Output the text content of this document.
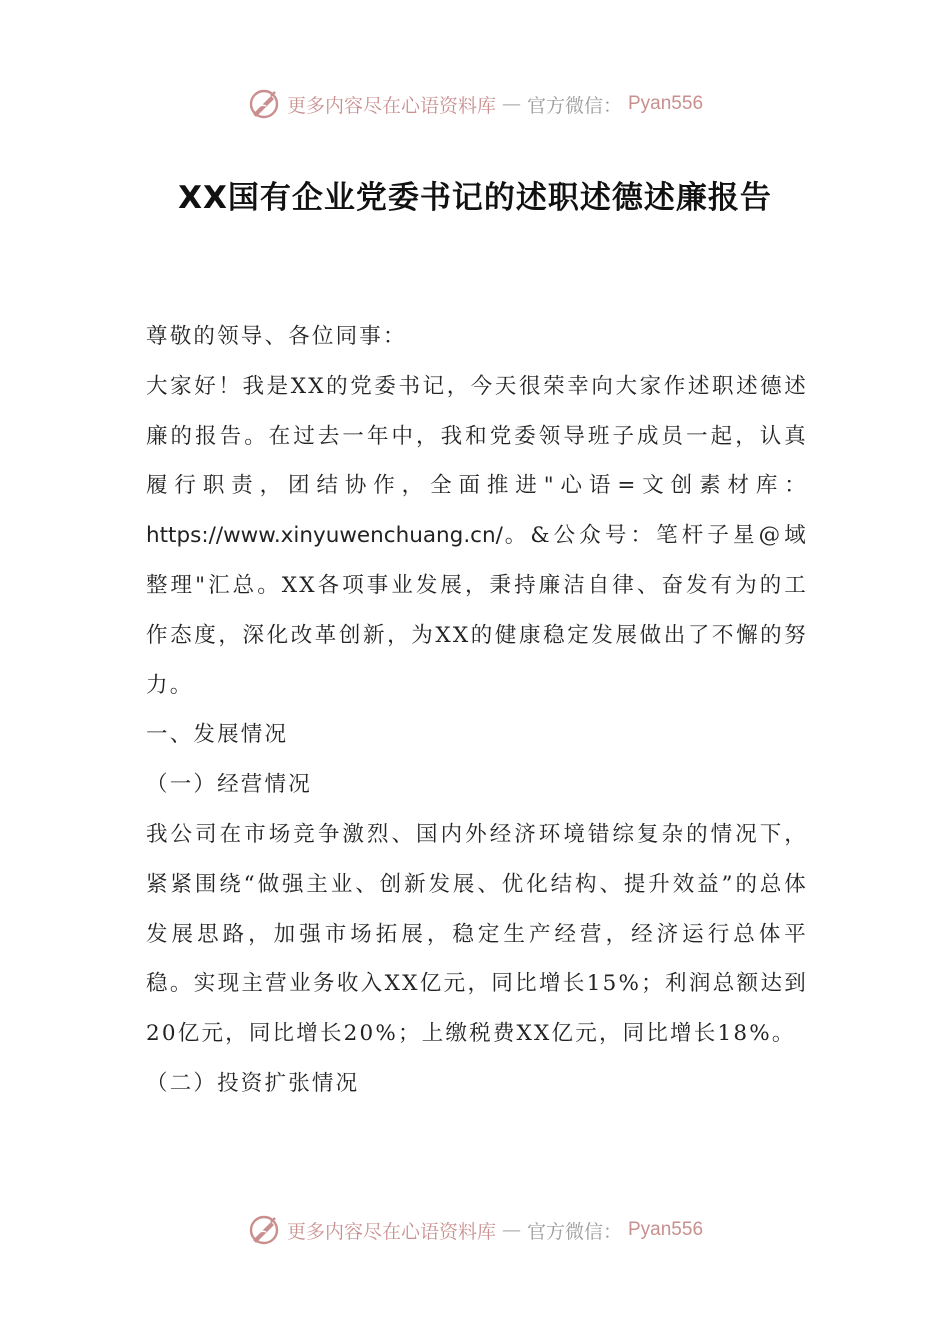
更多内容尽在心语资料库 — 官方微信： Pyan556
XX国有企业党委书记的述职述德述廉报告

尊敬的领导、各位同事：

大家好！我是XX的党委书记，今天很荣幸向大家作述职述德述廉的报告。在过去一年中，我和党委领导班子成员一起，认真履行职责，团结协作，全面推进"心语=文创素材库：https://www.xinyuwenchuang.cn/。&公众号：笔杆子星@域整理"汇总。XX各项事业发展，秉持廉洁自律、奋发有为的工作态度，深化改革创新，为XX的健康稳定发展做出了不懈的努力。

一、发展情况

（一）经营情况

我公司在市场竞争激烈、国内外经济环境错综复杂的情况下，紧紧围绕“做强主业、创新发展、优化结构、提升效益”的总体发展思路，加强市场拓展，稳定生产经营，经济运行总体平稳。实现主营业务收入XX亿元，同比增长15%；利润总额达到20亿元，同比增长20%；上缴税费XX亿元，同比增长18%。

（二）投资扩张情况

更多内容尽在心语资料库 — 官方微信： Pyan556
